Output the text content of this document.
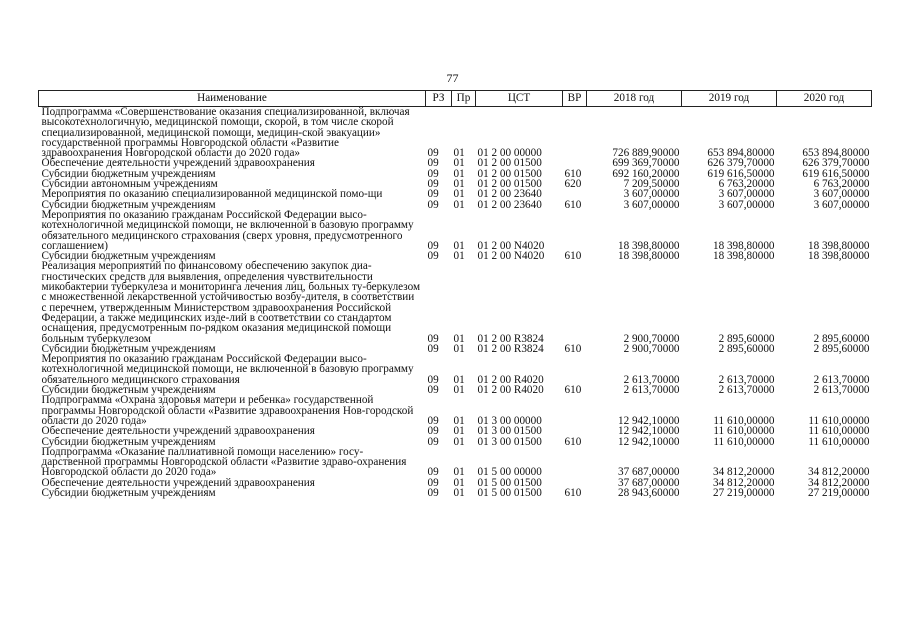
77
Наименование	РЗ	Пр	ЦСТ	ВР	2018 год	2019 год	2020 год
Подпрограмма «Совершенствование оказания специализированной, включая высокотехнологичную, медицинской помощи, скорой, в том числе скорой специализированной, медицинской помощи, медицин-ской эвакуации» государственной программы Новгородской области «Развитие здравоохранения Новгородской области до 2020 года»	09	01	01 2 00 00000		726 889,90000	653 894,80000	653 894,80000
Обеспечение деятельности учреждений здравоохранения	09	01	01 2 00 01500		699 369,70000	626 379,70000	626 379,70000
Субсидии бюджетным учреждениям	09	01	01 2 00 01500	610	692 160,20000	619 616,50000	619 616,50000
Субсидии автономным учреждениям	09	01	01 2 00 01500	620	7 209,50000	6 763,20000	6 763,20000
Мероприятия по оказанию специализированной медицинской помо-щи	09	01	01 2 00 23640		3 607,00000	3 607,00000	3 607,00000
Субсидии бюджетным учреждениям	09	01	01 2 00 23640	610	3 607,00000	3 607,00000	3 607,00000
Мероприятия по оказанию гражданам Российской Федерации высо-котехнологичной медицинской помощи, не включенной в базовую программу обязательного медицинского страхования (сверх уровня, предусмотренного соглашением)	09	01	01 2 00 N4020		18 398,80000	18 398,80000	18 398,80000
Субсидии бюджетным учреждениям	09	01	01 2 00 N4020	610	18 398,80000	18 398,80000	18 398,80000
Реализация мероприятий по финансовому обеспечению закупок диа-гностических средств для выявления, определения чувствительности микобактерии туберкулеза и мониторинга лечения лиц, больных ту-беркулезом с множественной лекарственной устойчивостью возбу-дителя, в соответствии с перечнем, утвержденным Министерством здравоохранения Российской Федерации, а также медицинских изде-лий в соответствии со стандартом оснащения, предусмотренным по-рядком оказания медицинской помощи больным туберкулезом	09	01	01 2 00 R3824		2 900,70000	2 895,60000	2 895,60000
Субсидии бюджетным учреждениям	09	01	01 2 00 R3824	610	2 900,70000	2 895,60000	2 895,60000
Мероприятия по оказанию гражданам Российской Федерации высо-котехнологичной медицинской помощи, не включенной в базовую программу обязательного медицинского страхования	09	01	01 2 00 R4020		2 613,70000	2 613,70000	2 613,70000
Субсидии бюджетным учреждениям	09	01	01 2 00 R4020	610	2 613,70000	2 613,70000	2 613,70000
Подпрограмма «Охрана здоровья матери и ребенка» государственной программы Новгородской области «Развитие здравоохранения Нов-городской области до 2020 года»	09	01	01 3 00 00000		12 942,10000	11 610,00000	11 610,00000
Обеспечение деятельности учреждений здравоохранения	09	01	01 3 00 01500		12 942,10000	11 610,00000	11 610,00000
Субсидии бюджетным учреждениям	09	01	01 3 00 01500	610	12 942,10000	11 610,00000	11 610,00000
Подпрограмма «Оказание паллиативной помощи населению» госу-дарственной программы Новгородской области «Развитие здраво-охранения Новгородской области до 2020 года»	09	01	01 5 00 00000		37 687,00000	34 812,20000	34 812,20000
Обеспечение деятельности учреждений здравоохранения	09	01	01 5 00 01500		37 687,00000	34 812,20000	34 812,20000
Субсидии бюджетным учреждениям	09	01	01 5 00 01500	610	28 943,60000	27 219,00000	27 219,00000
